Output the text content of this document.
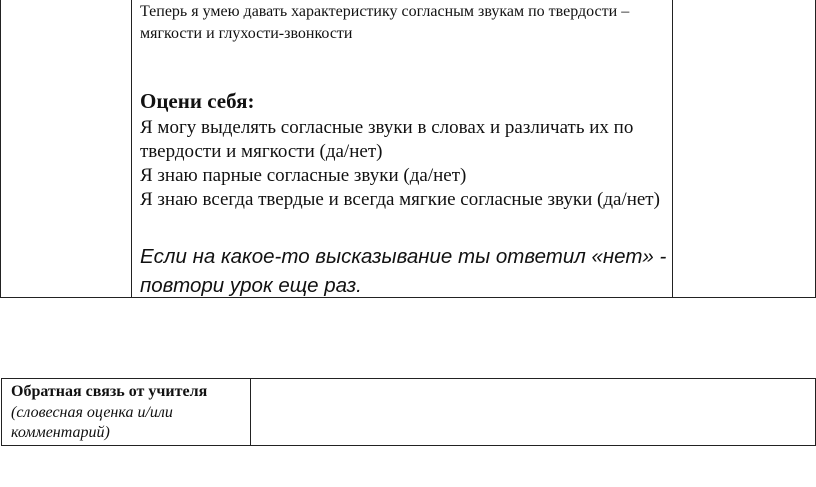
Теперь я умею давать характеристику согласным звукам по твердости – мягкости и глухости-звонкости
Оцени себя:
Я могу выделять согласные звуки в словах и различать их по твердости и мягкости (да/нет)
Я знаю парные согласные звуки (да/нет)
Я знаю всегда твердые и всегда мягкие согласные звуки (да/нет)
Если на какое-то высказывание ты ответил «нет» - повтори урок еще раз.
Обратная связь от учителя
(словесная оценка и/или комментарий)
